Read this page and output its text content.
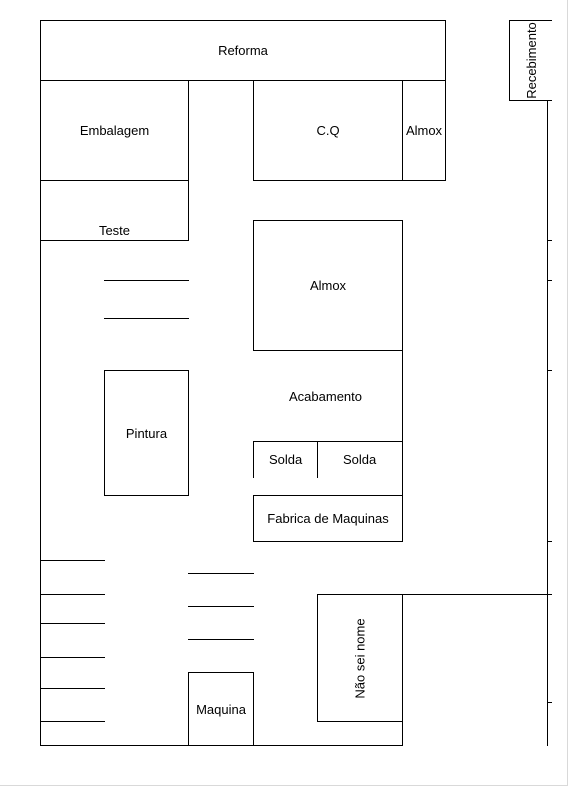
Reforma	Recebimento
Embalagem	C.Q	Almox
Teste
Almox
Acabamento
Pintura
Solda	Solda
Fabrica de Maquinas
Maquina
Não sei nome
